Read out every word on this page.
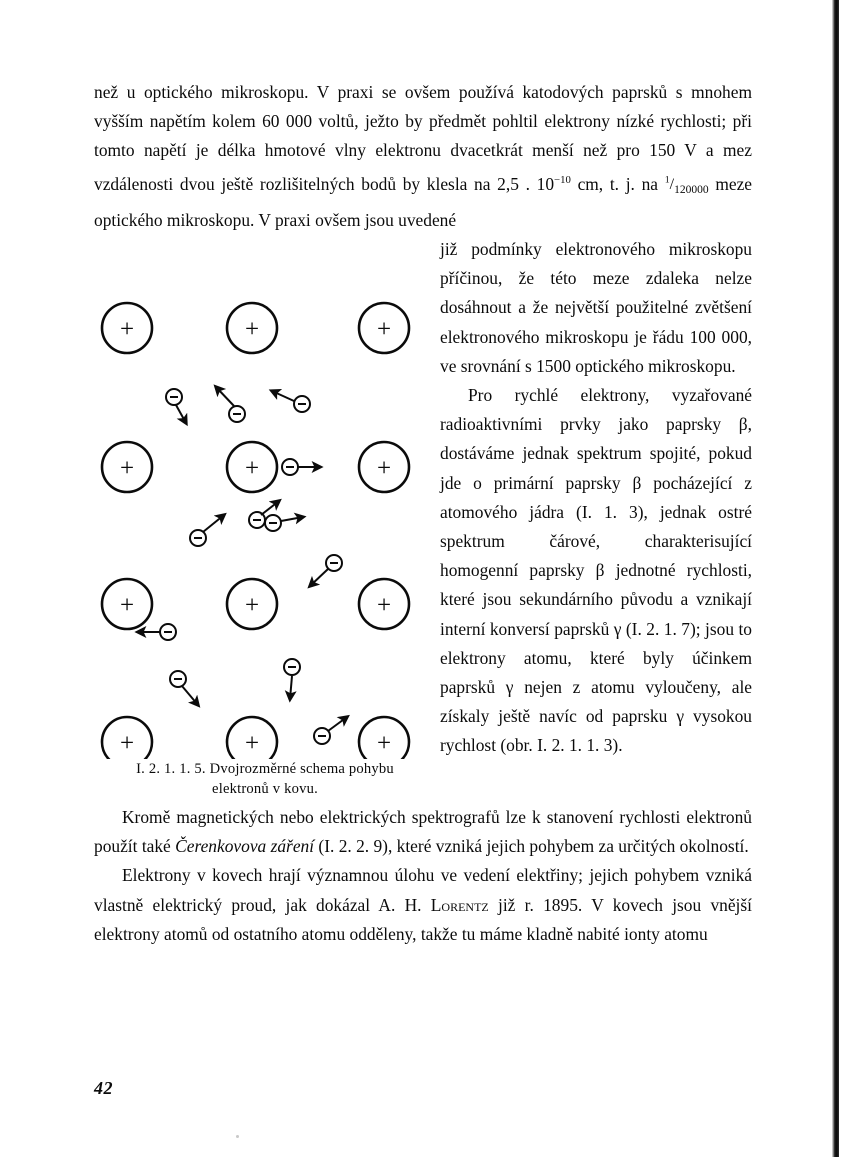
než u optického mikroskopu. V praxi se ovšem používá katodových paprsků s mnohem vyšším napětím kolem 60 000 voltů, ježto by předmět pohltil elektrony nízké rychlosti; při tomto napětí je délka hmotové vlny elektronu dvacetkrát menší než pro 150 V a mez vzdálenosti dvou ještě rozlišitelných bodů by klesla na 2,5 . $10^{-10}$ cm, t. j. na $^1/_{120000}$ meze optického mikroskopu. V praxi ovšem jsou uvedené

+	+	+
+	+	+
+	+	+
+	+	+
I. 2. 1. 1. 5. Dvojrozměrné schema pohybu
elektronů v kovu.

již podmínky elektronového mikroskopu příčinou, že této meze zdaleka nelze dosáhnout a že největší použitelné zvětšení elektronového mikroskopu je řádu 100 000, ve srovnání s 1500 optického mikroskopu.

Pro rychlé elektrony, vyzařované radioaktivními prvky jako paprsky β, dostáváme jednak spektrum spojité, pokud jde o primární paprsky β pocházející z atomového jádra (I. 1. 3), jednak ostré spektrum čárové, charakterisující homogenní paprsky β jednotné rychlosti, které jsou sekundárního původu a vznikají interní konversí paprsků γ (I. 2. 1. 7); jsou to elektrony atomu, které byly účinkem paprsků γ nejen z atomu vyloučeny, ale získaly ještě navíc od paprsku γ vysokou rychlost (obr. I. 2. 1. 1. 3).

Kromě magnetických nebo elektrických spektrografů lze k stanovení rychlosti elektronů použít také Čerenkovova záření (I. 2. 2. 9), které vzniká jejich pohybem za určitých okolností.

Elektrony v kovech hrají významnou úlohu ve vedení elektřiny; jejich pohybem vzniká vlastně elektrický proud, jak dokázal A. H. Lorentz již r. 1895. V kovech jsou vnější elektrony atomů od ostatního atomu odděleny, takže tu máme kladně nabité ionty atomu

42
